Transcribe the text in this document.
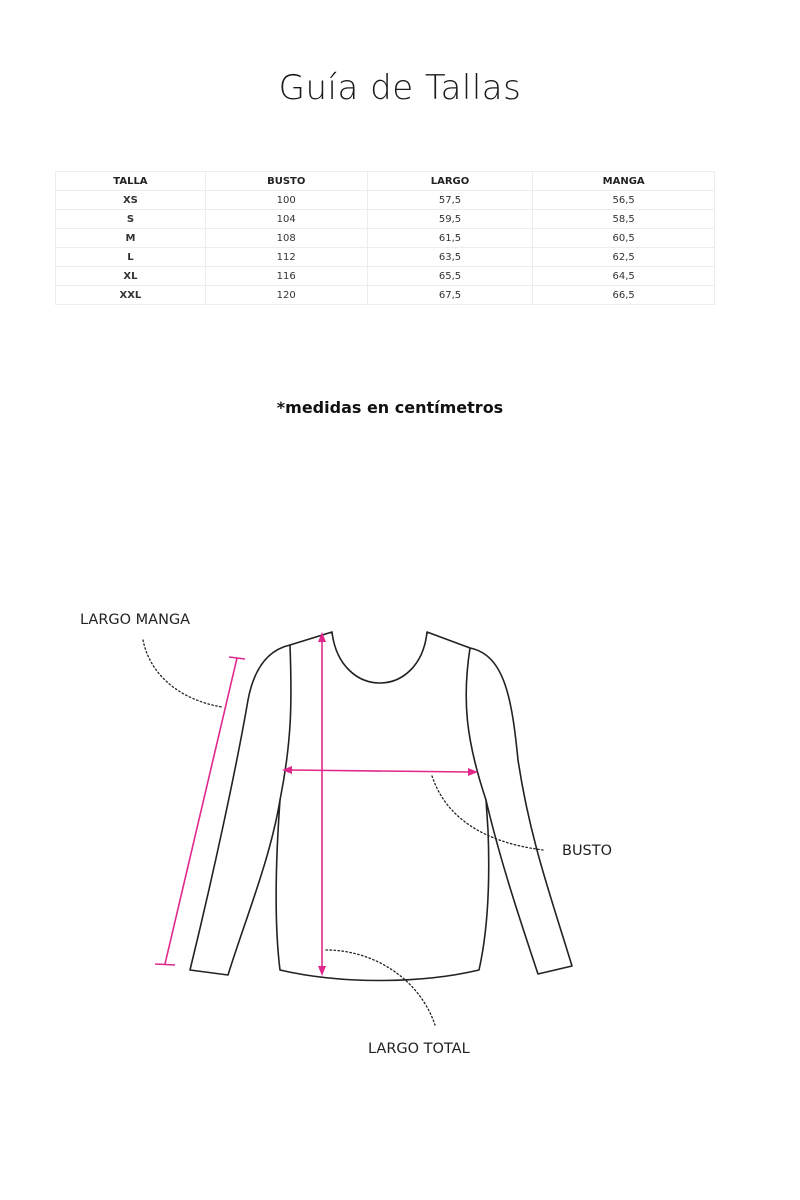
Guía de Tallas
TALLA	BUSTO	LARGO	MANGA
XS	100	57,5	56,5
S	104	59,5	58,5
M	108	61,5	60,5
L	112	63,5	62,5
XL	116	65,5	64,5
XXL	120	67,5	66,5
*medidas en centímetros
LARGO MANGA
BUSTO
LARGO TOTAL
